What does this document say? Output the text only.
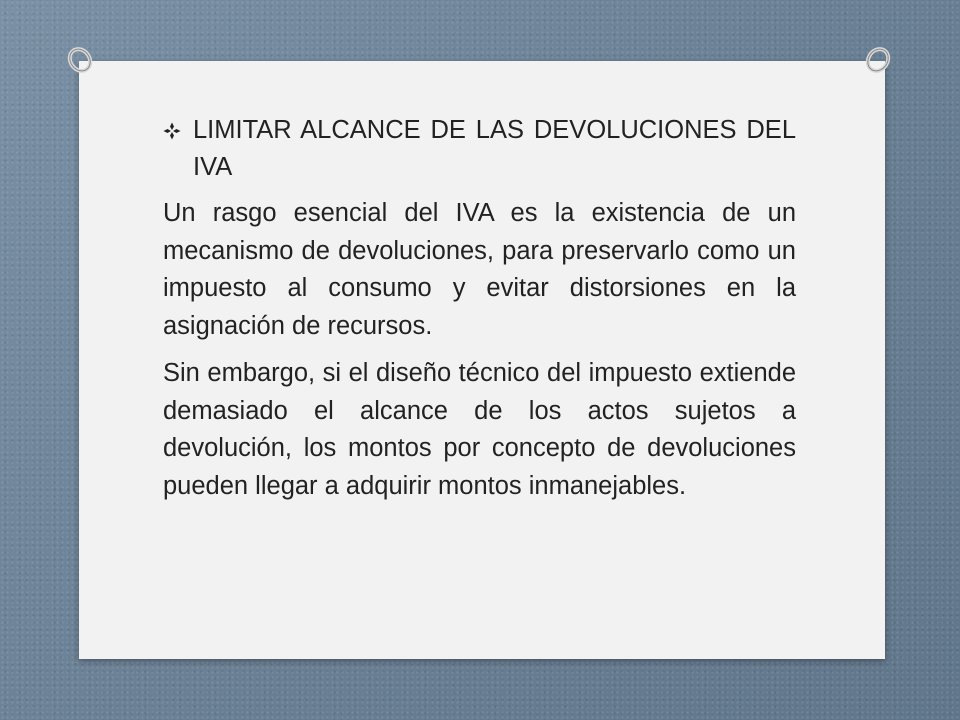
LIMITAR ALCANCE DE LAS DEVOLUCIONES DEL IVA

Un rasgo esencial del IVA es la existencia de un mecanismo de devoluciones, para preservarlo como un impuesto al consumo y evitar distorsiones en la asignación de recursos.

Sin embargo, si el diseño técnico del impuesto extiende demasiado el alcance de los actos sujetos a devolución, los montos por concepto de devoluciones pueden llegar a adquirir montos inmanejables.
